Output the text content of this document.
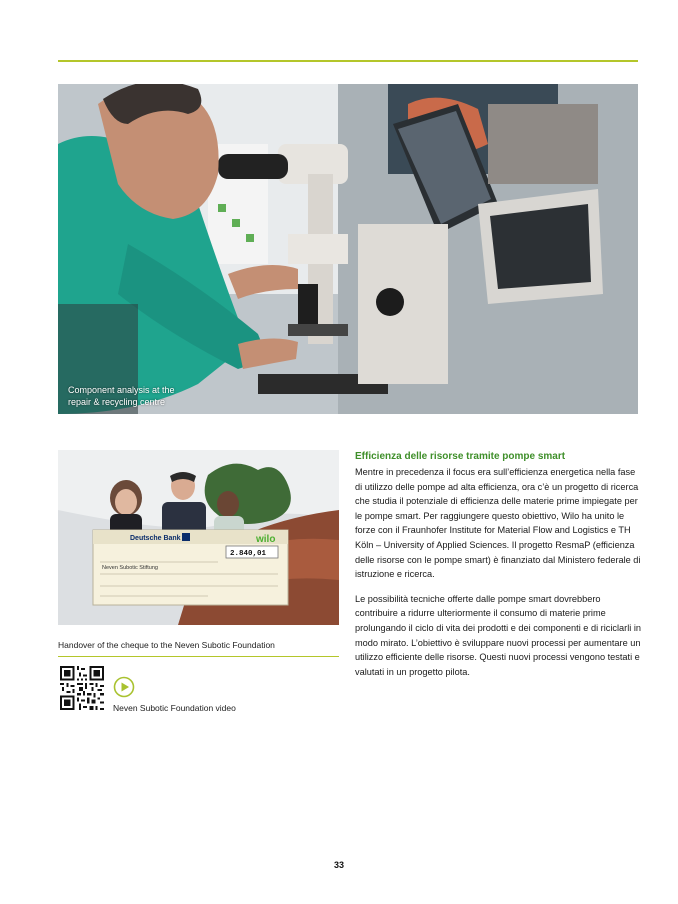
Component analysis at the
repair & recycling centre
Deutsche Bank	wilo
2.840,01
Neven Subotic Stiftung
Handover of the cheque to the Neven Subotic Foundation
Neven Subotic Foundation video
Efficienza delle risorse tramite pompe smart

Mentre in precedenza il focus era sull’efficienza energetica nella fase di utilizzo delle pompe ad alta efficienza, ora c’è un progetto di ricerca che studia il potenziale di efficienza delle materie prime impiegate per le pompe smart. Per raggiungere questo obiettivo, Wilo ha unito le forze con il Fraunhofer Institute for Material Flow and Logistics e TH Köln – University of Applied Sciences. Il progetto ResmaP (efficienza delle risorse con le pompe smart) è finanziato dal Ministero federale di istruzione e ricerca.

Le possibilità tecniche offerte dalle pompe smart dovrebbero contribuire a ridurre ulteriormente il consumo di materie prime prolungando il ciclo di vita dei prodotti e dei componenti e di riciclarli in modo mirato. L’obiettivo è sviluppare nuovi processi per aumentare un utilizzo efficiente delle risorse. Questi nuovi processi vengono testati e valutati in un progetto pilota.

33
